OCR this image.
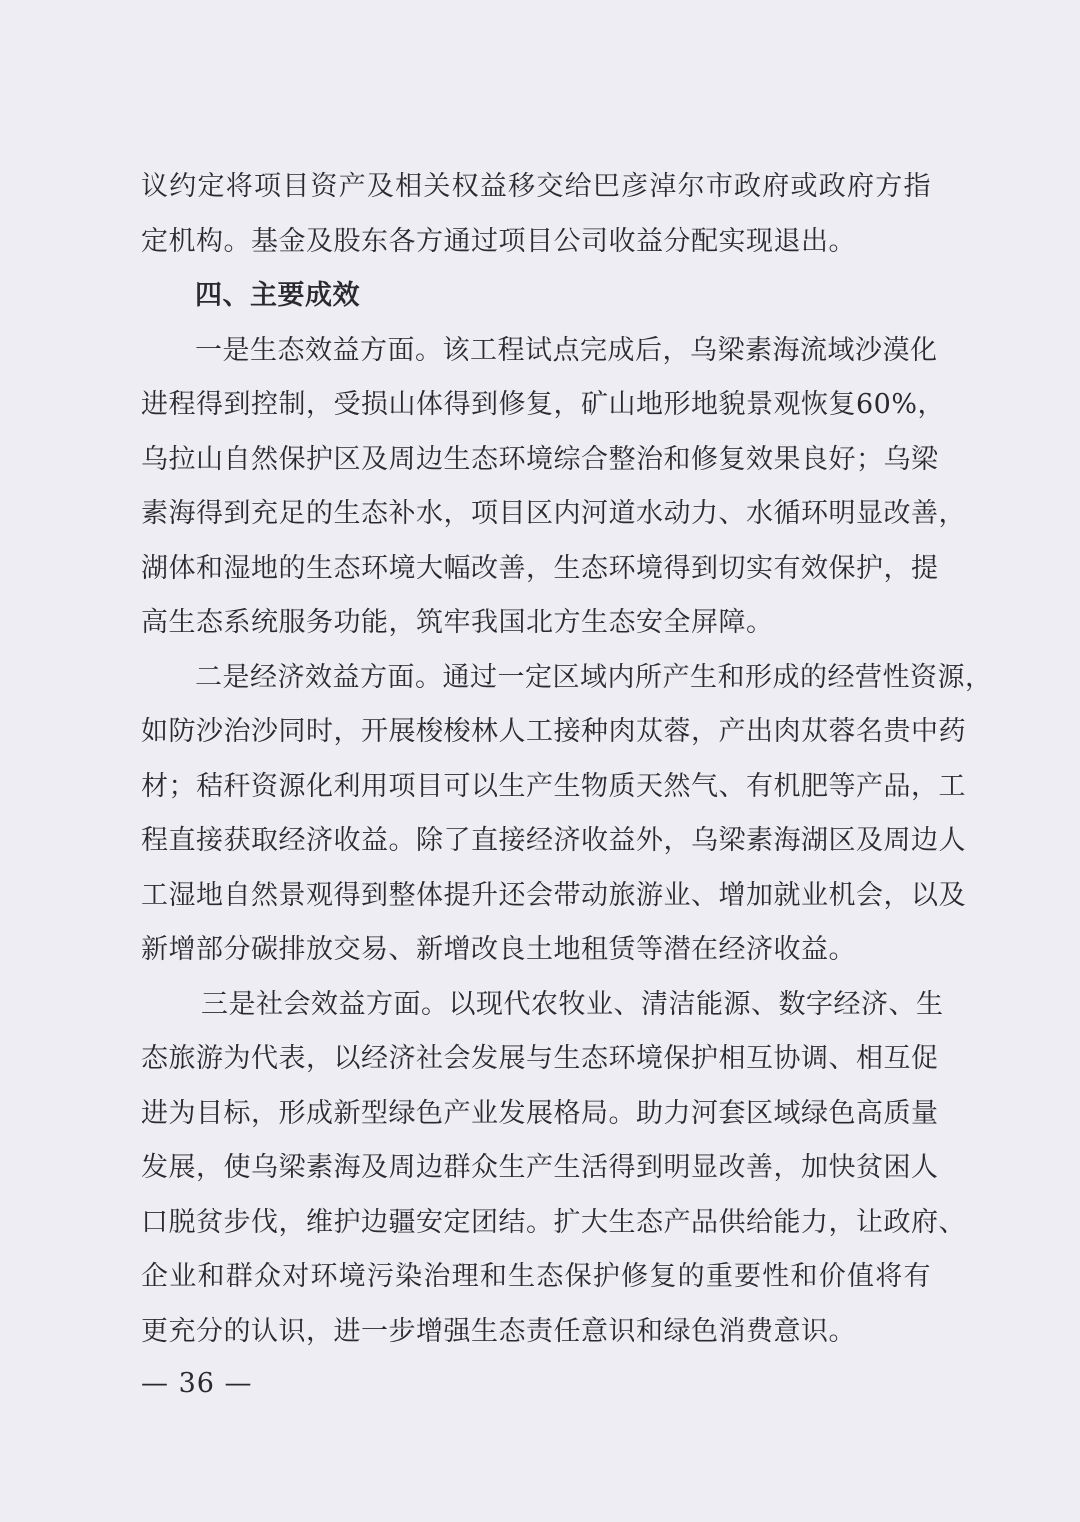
议约定将项目资产及相关权益移交给巴彦淖尔市政府或政府方指
定机构。基金及股东各方通过项目公司收益分配实现退出。
四、主要成效
一是生态效益方面。该工程试点完成后，乌梁素海流域沙漠化
进程得到控制，受损山体得到修复，矿山地形地貌景观恢复60%，
乌拉山自然保护区及周边生态环境综合整治和修复效果良好；乌梁
素海得到充足的生态补水，项目区内河道水动力、水循环明显改善，
湖体和湿地的生态环境大幅改善，生态环境得到切实有效保护，提
高生态系统服务功能，筑牢我国北方生态安全屏障。
二是经济效益方面。通过一定区域内所产生和形成的经营性资源，
如防沙治沙同时，开展梭梭林人工接种肉苁蓉，产出肉苁蓉名贵中药
材；秸秆资源化利用项目可以生产生物质天然气、有机肥等产品，工
程直接获取经济收益。除了直接经济收益外，乌梁素海湖区及周边人
工湿地自然景观得到整体提升还会带动旅游业、增加就业机会，以及
新增部分碳排放交易、新增改良土地租赁等潜在经济收益。
三是社会效益方面。以现代农牧业、清洁能源、数字经济、生
态旅游为代表，以经济社会发展与生态环境保护相互协调、相互促
进为目标，形成新型绿色产业发展格局。助力河套区域绿色高质量
发展，使乌梁素海及周边群众生产生活得到明显改善，加快贫困人
口脱贫步伐，维护边疆安定团结。扩大生态产品供给能力，让政府、
企业和群众对环境污染治理和生态保护修复的重要性和价值将有
更充分的认识，进一步增强生态责任意识和绿色消费意识。
— 36 —
